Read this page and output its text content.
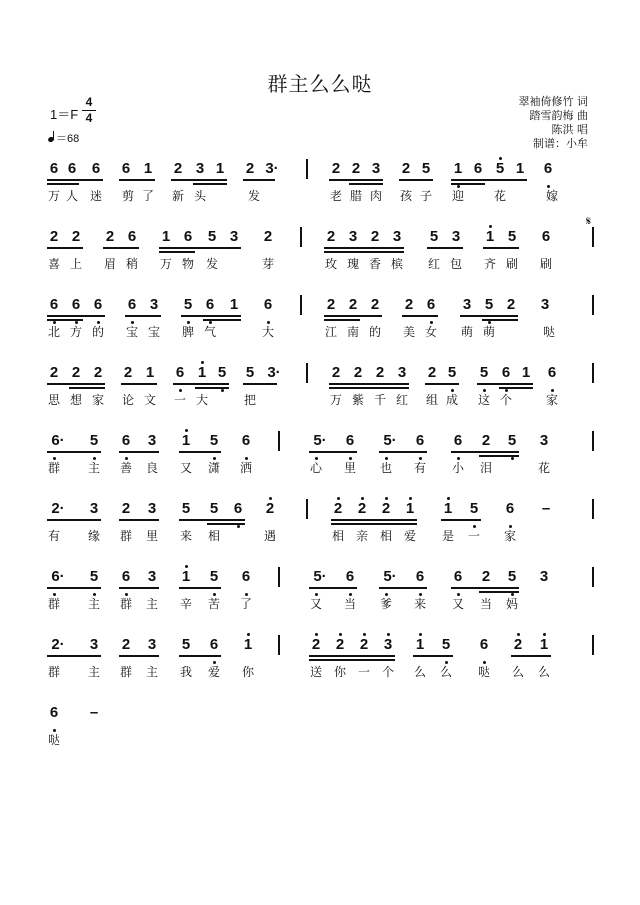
群主么么哒
翠袖倚修竹 词
踏雪韵梅 曲
陈洪 唱
制谱：小牟
1＝F
4
4
＝68
𝄋
6 6 6 6 1 2 3 1 2 3·	2 2 3 2 5 1 6 5 1 6
万 人 迷 剪 了 新 头	发	老 腊 肉 孩 子 迎 花	嫁
2 2 2 6 1 6 5 3 2	2 3 2 3 5 3 1 5 6
喜 上 眉 稍 万 物 发	芽	玫 瑰 香 槟 红 包 齐 刷 刷
6 6 6 6 3 5 6 1 6	2 2 2 2 6 3 5 2 3
北 方 的 宝 宝 脾 气	大	江 南 的 美 女 萌 萌	哒
2 2 2 2 1 6 1 5 5 3·	2 2 2 3 2 5 5 6 1 6
思 想 家 论 文 一 大	把	万 紫 千 红 组 成 这 个	家
6· 5 6 3 1 5 6	5· 6 5· 6 6 2 5 3
群 主 善 良 又 潇 洒	心 里 也 有 小 泪	花
2· 3 2 3 5 5 6 2	2 2 2 1 1 5 6 –
有 缘 群 里 来 相	遇	相 亲 相 爱 是 一 家
6· 5 6 3 1 5 6	5· 6 5· 6 6 2 5 3
群 主 群 主 辛 苦 了	又 当 爹 来 又 当 妈
2· 3 2 3 5 6 1	2 2 2 3 1 5 6 2 1
群 主 群 主 我 爱 你	送 你 一 个 么 么 哒 么 么
6 –
哒
